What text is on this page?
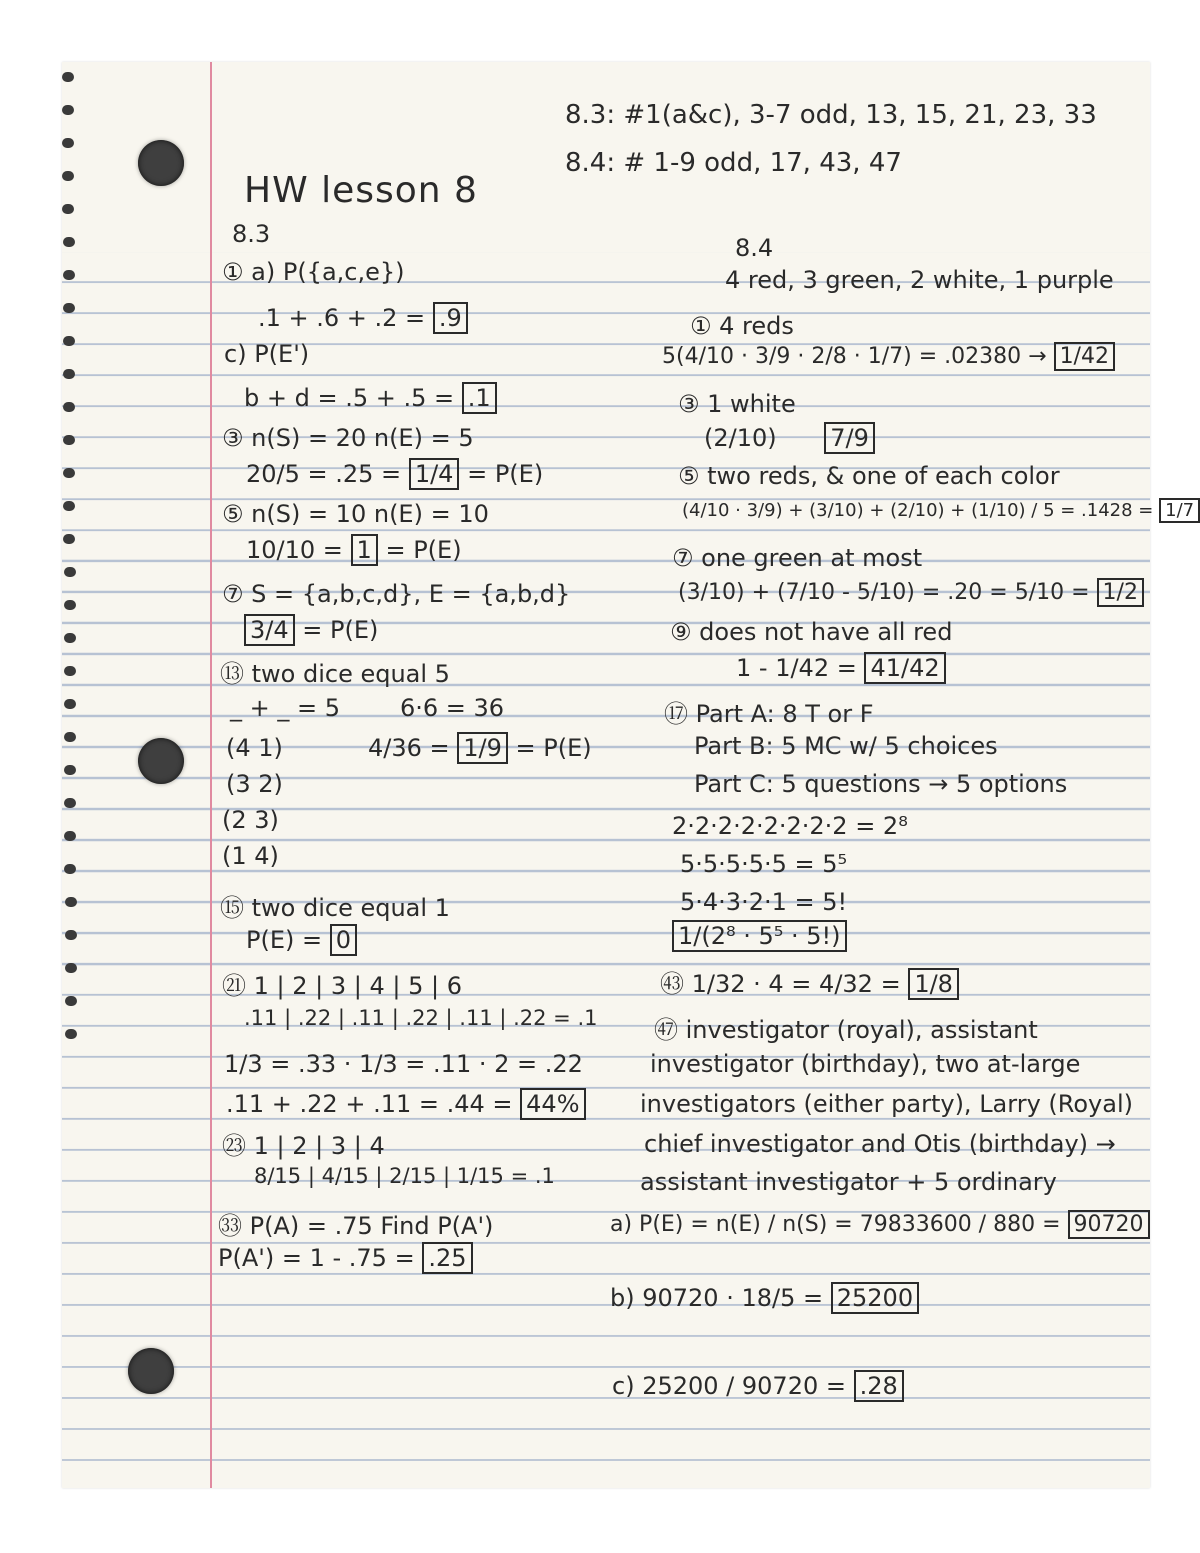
8.3: #1(a&c), 3-7 odd, 13, 15, 21, 23, 33
8.4: # 1-9 odd, 17, 43, 47
HW lesson 8
8.3
① a) P({a,c,e})
.1 + .6 + .2 = .9
c) P(E')
b + d = .5 + .5 = .1
③ n(S) = 20 n(E) = 5
20/5 = .25 = 1/4 = P(E)
⑤ n(S) = 10 n(E) = 10
10/10 = 1 = P(E)
⑦ S = {a,b,c,d}, E = {a,b,d}
3/4 = P(E)
⑬ two dice equal 5
_ + _ = 5 6·6 = 36
(4 1)	4/36 = 1/9 = P(E)
(3 2)
(2 3)
(1 4)
⑮ two dice equal 1
P(E) = 0
㉑ 1 | 2 | 3 | 4 | 5 | 6
.11 | .22 | .11 | .22 | .11 | .22 = .1
1/3 = .33 · 1/3 = .11 · 2 = .22
.11 + .22 + .11 = .44 = 44%
㉓ 1 | 2 | 3 | 4
8/15 | 4/15 | 2/15 | 1/15 = .1
㉝ P(A) = .75 Find P(A')
P(A') = 1 - .75 = .25
8.4
4 red, 3 green, 2 white, 1 purple
① 4 reds
5(4/10 · 3/9 · 2/8 · 1/7) = .02380 → 1/42
③ 1 white
(2/10) 7/9
⑤ two reds, & one of each color
(4/10 · 3/9) + (3/10) + (2/10) + (1/10) / 5 = .1428 = 1/7
⑦ one green at most
(3/10) + (7/10 - 5/10) = .20 = 5/10 = 1/2
⑨ does not have all red
1 - 1/42 = 41/42
⑰ Part A: 8 T or F
Part B: 5 MC w/ 5 choices
Part C: 5 questions → 5 options
2·2·2·2·2·2·2·2 = 2⁸
5·5·5·5·5 = 5⁵
5·4·3·2·1 = 5!
1/(2⁸ · 5⁵ · 5!)
㊸ 1/32 · 4 = 4/32 = 1/8
㊼ investigator (royal), assistant
investigator (birthday), two at-large
investigators (either party), Larry (Royal)
chief investigator and Otis (birthday) →
assistant investigator + 5 ordinary
a) P(E) = n(E) / n(S) = 79833600 / 880 = 90720
b) 90720 · 18/5 = 25200
c) 25200 / 90720 = .28
